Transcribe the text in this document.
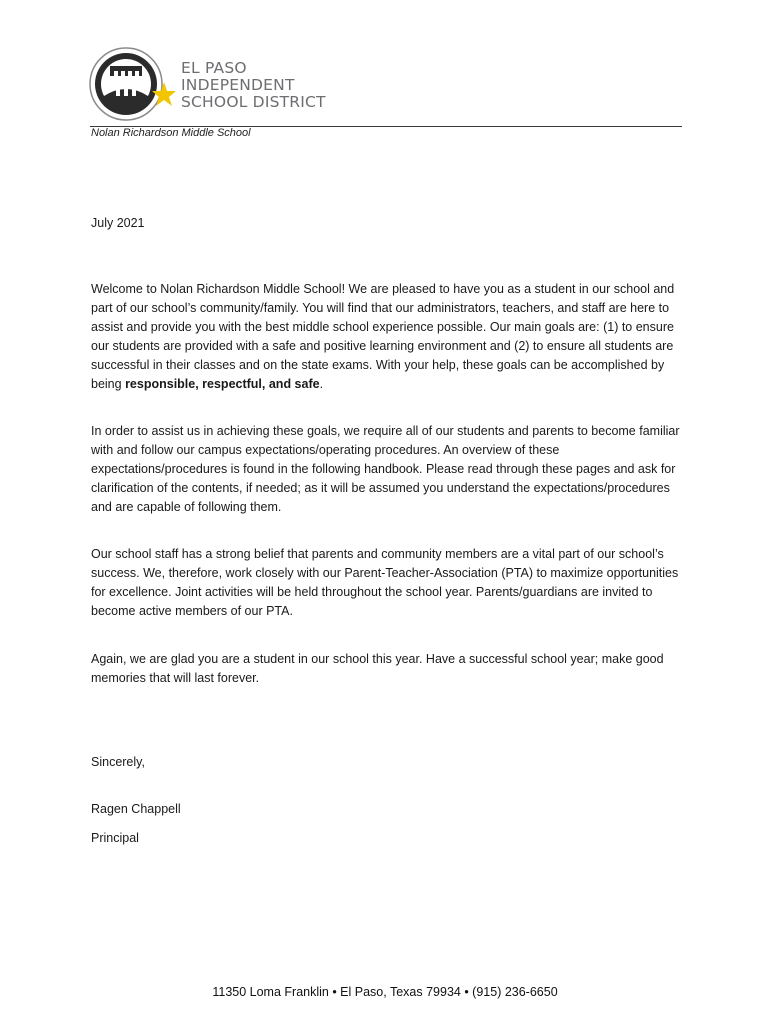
EL PASO
INDEPENDENT
SCHOOL DISTRICT
Nolan Richardson Middle School
July 2021

Welcome to Nolan Richardson Middle School! We are pleased to have you as a student in our school and part of our school’s community/family. You will find that our administrators, teachers, and staff are here to assist and provide you with the best middle school experience possible. Our main goals are: (1) to ensure our students are provided with a safe and positive learning environment and (2) to ensure all students are successful in their classes and on the state exams. With your help, these goals can be accomplished by being responsible, respectful, and safe.

In order to assist us in achieving these goals, we require all of our students and parents to become familiar with and follow our campus expectations/operating procedures. An overview of these expectations/procedures is found in the following handbook. Please read through these pages and ask for clarification of the contents, if needed; as it will be assumed you understand the expectations/procedures and are capable of following them.

Our school staff has a strong belief that parents and community members are a vital part of our school’s success. We, therefore, work closely with our Parent-Teacher-Association (PTA) to maximize opportunities for excellence. Joint activities will be held throughout the school year. Parents/guardians are invited to become active members of our PTA.

Again, we are glad you are a student in our school this year. Have a successful school year; make good memories that will last forever.

Sincerely,
Ragen Chappell
Principal
11350 Loma Franklin • El Paso, Texas 79934 • (915) 236-6650
